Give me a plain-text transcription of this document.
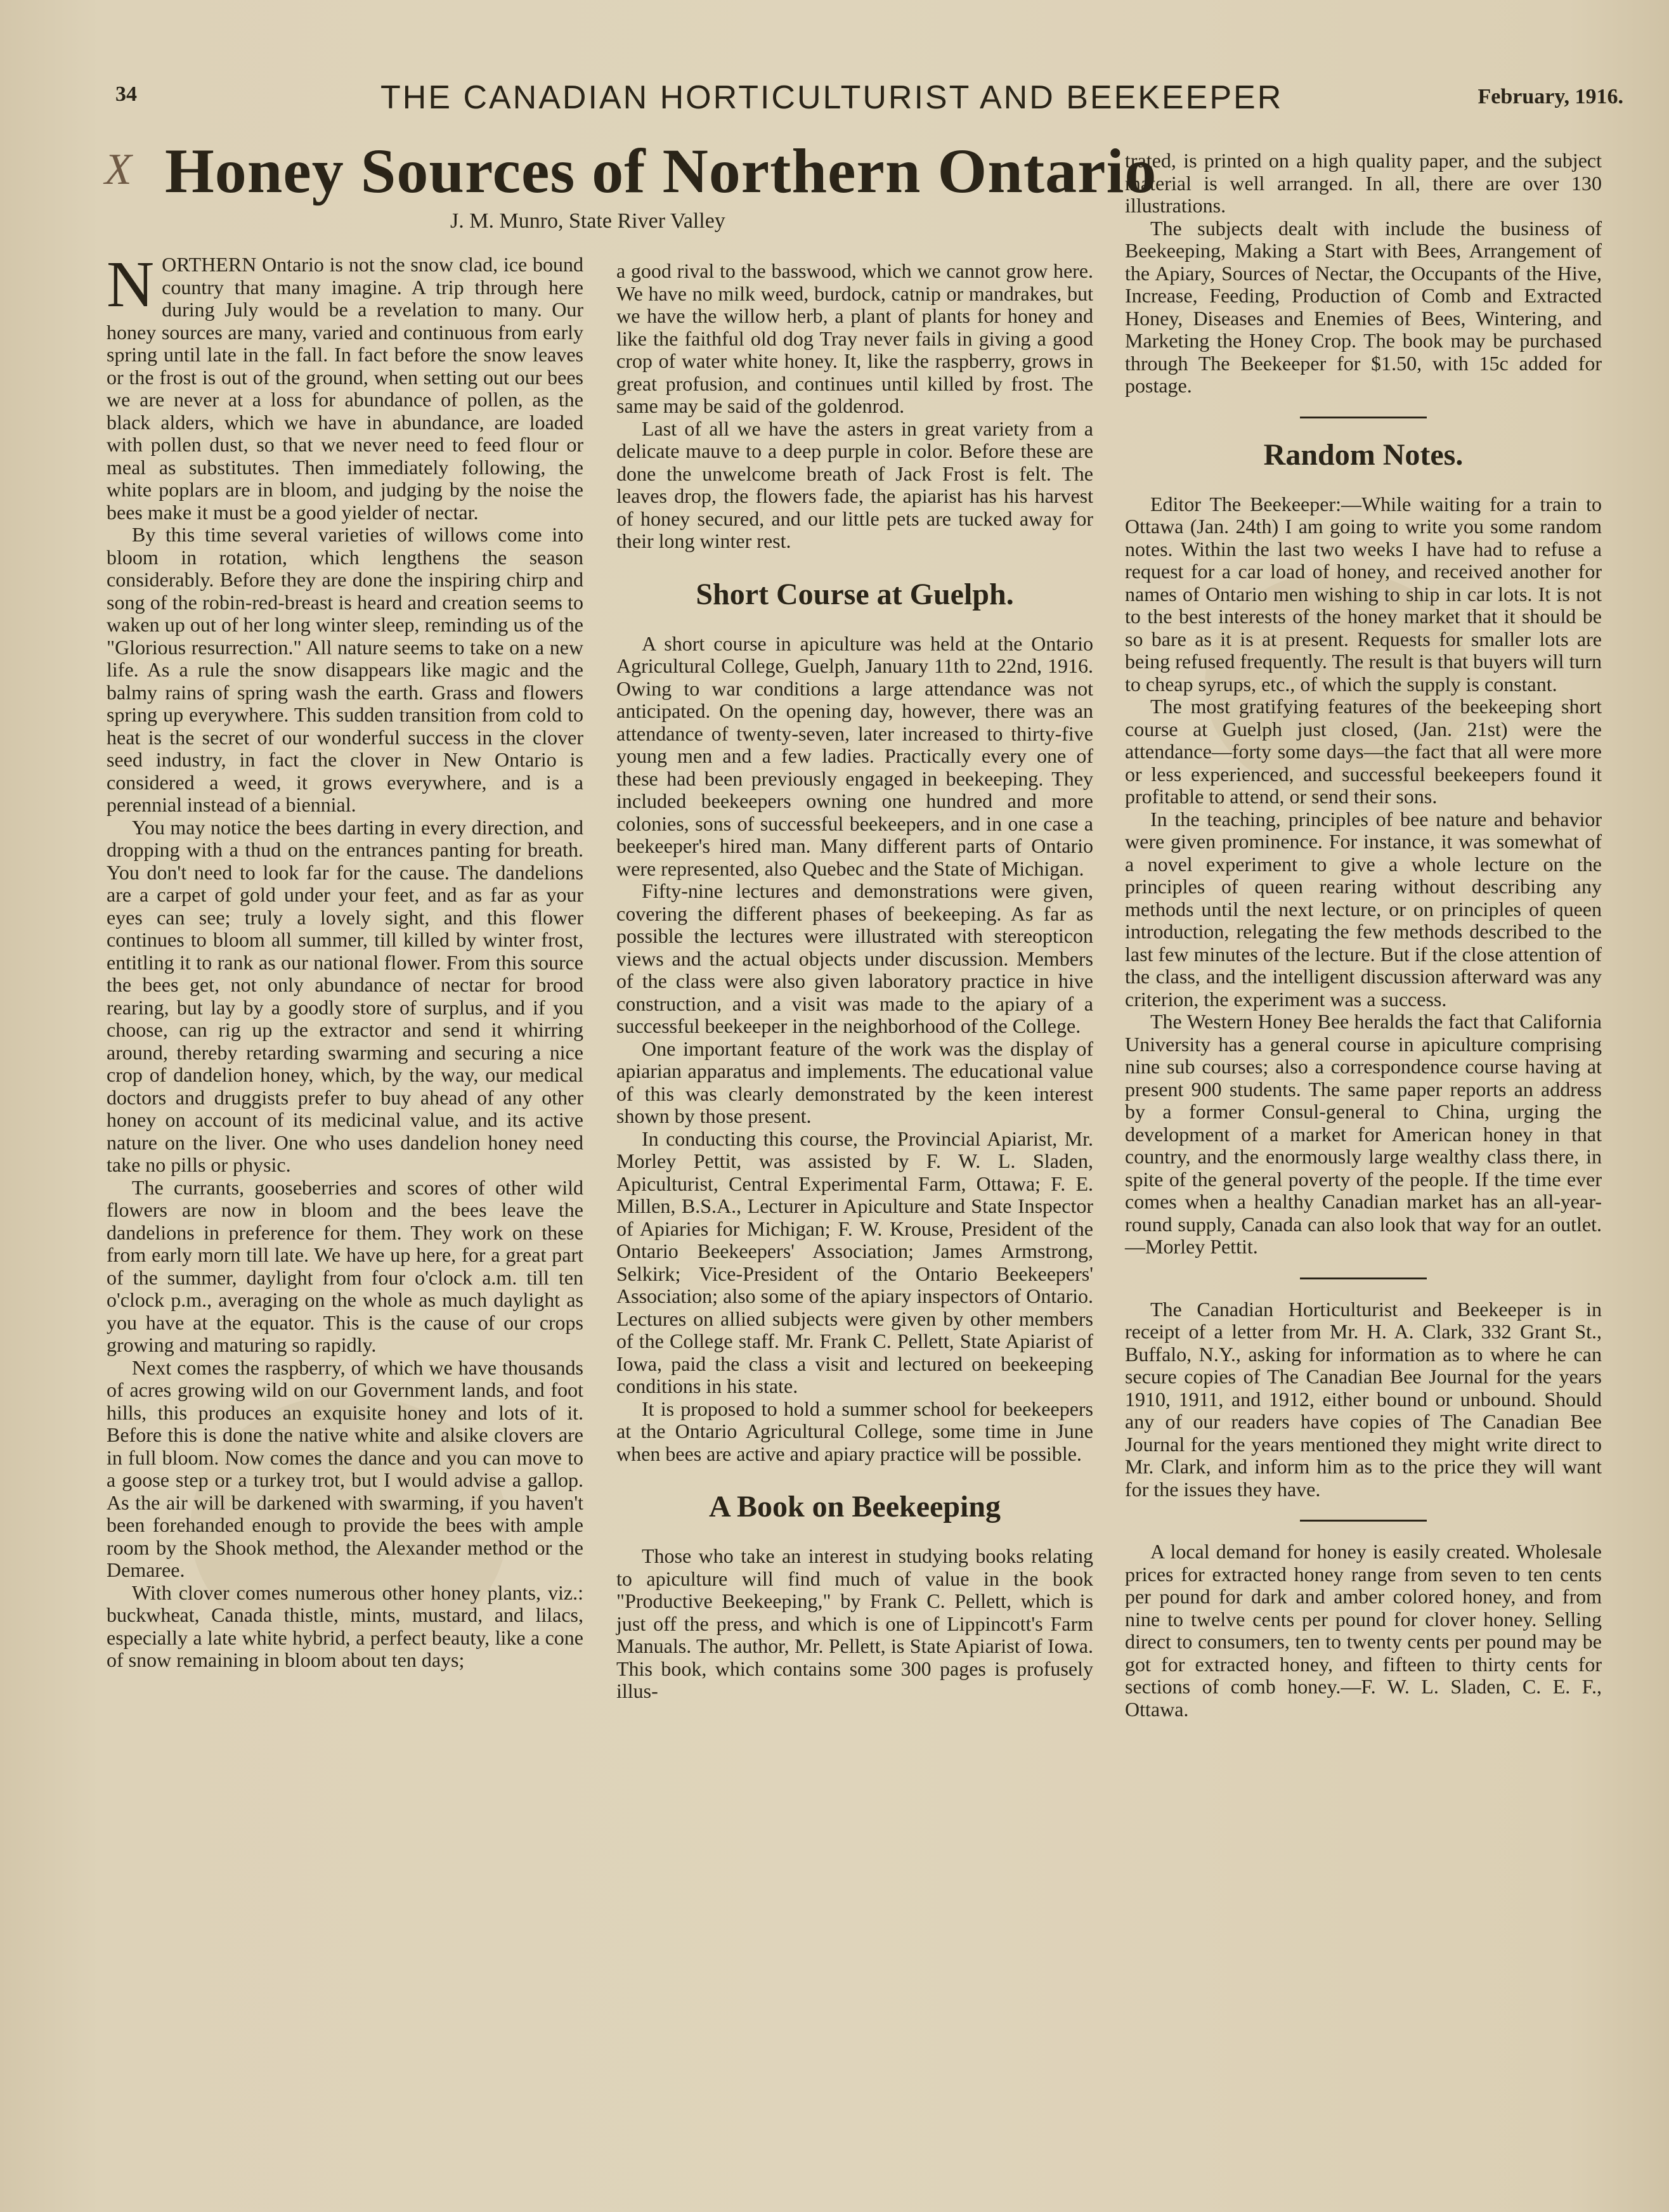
34	THE CANADIAN HORTICULTURIST AND BEEKEEPER	February, 1916.
X Honey Sources of Northern Ontario
J. M. Munro, State River Valley

NORTHERN Ontario is not the snow clad, ice bound country that many imagine. A trip through here during July would be a revelation to many. Our honey sources are many, varied and continuous from early spring until late in the fall. In fact before the snow leaves or the frost is out of the ground, when setting out our bees we are never at a loss for abundance of pollen, as the black alders, which we have in abundance, are loaded with pollen dust, so that we never need to feed flour or meal as substitutes. Then immediately following, the white poplars are in bloom, and judging by the noise the bees make it must be a good yielder of nectar.

By this time several varieties of willows come into bloom in rotation, which lengthens the season considerably. Before they are done the inspiring chirp and song of the robin-red-breast is heard and creation seems to waken up out of her long winter sleep, reminding us of the "Glorious resurrection." All nature seems to take on a new life. As a rule the snow disappears like magic and the balmy rains of spring wash the earth. Grass and flowers spring up everywhere. This sudden transition from cold to heat is the secret of our wonderful success in the clover seed industry, in fact the clover in New Ontario is considered a weed, it grows everywhere, and is a perennial instead of a biennial.

You may notice the bees darting in every direction, and dropping with a thud on the entrances panting for breath. You don't need to look far for the cause. The dandelions are a carpet of gold under your feet, and as far as your eyes can see; truly a lovely sight, and this flower continues to bloom all summer, till killed by winter frost, entitling it to rank as our national flower. From this source the bees get, not only abundance of nectar for brood rearing, but lay by a goodly store of surplus, and if you choose, can rig up the extractor and send it whirring around, thereby retarding swarming and securing a nice crop of dandelion honey, which, by the way, our medical doctors and druggists prefer to buy ahead of any other honey on account of its medicinal value, and its active nature on the liver. One who uses dandelion honey need take no pills or physic.

The currants, gooseberries and scores of other wild flowers are now in bloom and the bees leave the dandelions in preference for them. They work on these from early morn till late. We have up here, for a great part of the summer, daylight from four o'clock a.m. till ten o'clock p.m., averaging on the whole as much daylight as you have at the equator. This is the cause of our crops growing and maturing so rapidly.

Next comes the raspberry, of which we have thousands of acres growing wild on our Government lands, and foot hills, this produces an exquisite honey and lots of it. Before this is done the native white and alsike clovers are in full bloom. Now comes the dance and you can move to a goose step or a turkey trot, but I would advise a gallop. As the air will be darkened with swarming, if you haven't been forehanded enough to provide the bees with ample room by the Shook method, the Alexander method or the Demaree.

With clover comes numerous other honey plants, viz.: buckwheat, Canada thistle, mints, mustard, and lilacs, especially a late white hybrid, a perfect beauty, like a cone of snow remaining in bloom about ten days;

a good rival to the basswood, which we cannot grow here. We have no milk weed, burdock, catnip or mandrakes, but we have the willow herb, a plant of plants for honey and like the faithful old dog Tray never fails in giving a good crop of water white honey. It, like the raspberry, grows in great profusion, and continues until killed by frost. The same may be said of the goldenrod.

Last of all we have the asters in great variety from a delicate mauve to a deep purple in color. Before these are done the unwelcome breath of Jack Frost is felt. The leaves drop, the flowers fade, the apiarist has his harvest of honey secured, and our little pets are tucked away for their long winter rest.

Short Course at Guelph.

A short course in apiculture was held at the Ontario Agricultural College, Guelph, January 11th to 22nd, 1916. Owing to war conditions a large attendance was not anticipated. On the opening day, however, there was an attendance of twenty-seven, later increased to thirty-five young men and a few ladies. Practically every one of these had been previously engaged in beekeeping. They included beekeepers owning one hundred and more colonies, sons of successful beekeepers, and in one case a beekeeper's hired man. Many different parts of Ontario were represented, also Quebec and the State of Michigan.

Fifty-nine lectures and demonstrations were given, covering the different phases of beekeeping. As far as possible the lectures were illustrated with stereopticon views and the actual objects under discussion. Members of the class were also given laboratory practice in hive construction, and a visit was made to the apiary of a successful beekeeper in the neighborhood of the College.

One important feature of the work was the display of apiarian apparatus and implements. The educational value of this was clearly demonstrated by the keen interest shown by those present.

In conducting this course, the Provincial Apiarist, Mr. Morley Pettit, was assisted by F. W. L. Sladen, Apiculturist, Central Experimental Farm, Ottawa; F. E. Millen, B.S.A., Lecturer in Apiculture and State Inspector of Apiaries for Michigan; F. W. Krouse, President of the Ontario Beekeepers' Association; James Armstrong, Selkirk; Vice-President of the Ontario Beekeepers' Association; also some of the apiary inspectors of Ontario. Lectures on allied subjects were given by other members of the College staff. Mr. Frank C. Pellett, State Apiarist of Iowa, paid the class a visit and lectured on beekeeping conditions in his state.

It is proposed to hold a summer school for beekeepers at the Ontario Agricultural College, some time in June when bees are active and apiary practice will be possible.

A Book on Beekeeping

Those who take an interest in studying books relating to apiculture will find much of value in the book "Productive Beekeeping," by Frank C. Pellett, which is just off the press, and which is one of Lippincott's Farm Manuals. The author, Mr. Pellett, is State Apiarist of Iowa. This book, which contains some 300 pages is profusely illus-

trated, is printed on a high quality paper, and the subject material is well arranged. In all, there are over 130 illustrations.

The subjects dealt with include the business of Beekeeping, Making a Start with Bees, Arrangement of the Apiary, Sources of Nectar, the Occupants of the Hive, Increase, Feeding, Production of Comb and Extracted Honey, Diseases and Enemies of Bees, Wintering, and Marketing the Honey Crop. The book may be purchased through The Beekeeper for $1.50, with 15c added for postage.

Random Notes.

Editor The Beekeeper:—While waiting for a train to Ottawa (Jan. 24th) I am going to write you some random notes. Within the last two weeks I have had to refuse a request for a car load of honey, and received another for names of Ontario men wishing to ship in car lots. It is not to the best interests of the honey market that it should be so bare as it is at present. Requests for smaller lots are being refused frequently. The result is that buyers will turn to cheap syrups, etc., of which the supply is constant.

The most gratifying features of the beekeeping short course at Guelph just closed, (Jan. 21st) were the attendance—forty some days—the fact that all were more or less experienced, and successful beekeepers found it profitable to attend, or send their sons.

In the teaching, principles of bee nature and behavior were given prominence. For instance, it was somewhat of a novel experiment to give a whole lecture on the principles of queen rearing without describing any methods until the next lecture, or on principles of queen introduction, relegating the few methods described to the last few minutes of the lecture. But if the close attention of the class, and the intelligent discussion afterward was any criterion, the experiment was a success.

The Western Honey Bee heralds the fact that California University has a general course in apiculture comprising nine sub courses; also a correspondence course having at present 900 students. The same paper reports an address by a former Consul-general to China, urging the development of a market for American honey in that country, and the enormously large wealthy class there, in spite of the general poverty of the people. If the time ever comes when a healthy Canadian market has an all-year-round supply, Canada can also look that way for an outlet.—Morley Pettit.

The Canadian Horticulturist and Beekeeper is in receipt of a letter from Mr. H. A. Clark, 332 Grant St., Buffalo, N.Y., asking for information as to where he can secure copies of The Canadian Bee Journal for the years 1910, 1911, and 1912, either bound or unbound. Should any of our readers have copies of The Canadian Bee Journal for the years mentioned they might write direct to Mr. Clark, and inform him as to the price they will want for the issues they have.

A local demand for honey is easily created. Wholesale prices for extracted honey range from seven to ten cents per pound for dark and amber colored honey, and from nine to twelve cents per pound for clover honey. Selling direct to consumers, ten to twenty cents per pound may be got for extracted honey, and fifteen to thirty cents for sections of comb honey.—F. W. L. Sladen, C. E. F., Ottawa.
